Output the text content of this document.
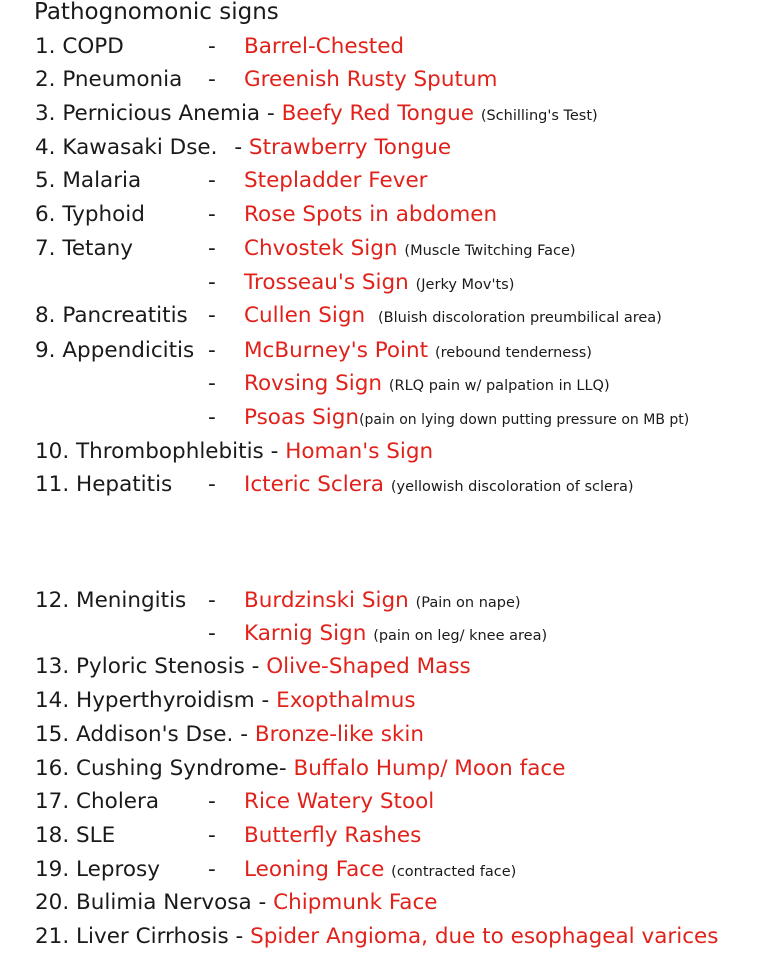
Pathognomonic signs
1. COPD	- Barrel-Chested
2. Pneumonia - Greenish Rusty Sputum
3. Pernicious Anemia - Beefy Red Tongue (Schilling's Test)
4. Kawasaki Dse. - Strawberry Tongue
5. Malaria	- Stepladder Fever
6. Typhoid	- Rose Spots in abdomen
7. Tetany	- Chvostek Sign (Muscle Twitching Face)
- Trosseau's Sign (Jerky Mov'ts)
8. Pancreatitis - Cullen Sign (Bluish discoloration preumbilical area)
9. Appendicitis - McBurney's Point (rebound tenderness)
- Rovsing Sign (RLQ pain w/ palpation in LLQ)
- Psoas Sign(pain on lying down putting pressure on MB pt)
10. Thrombophlebitis - Homan's Sign
11. Hepatitis - Icteric Sclera (yellowish discoloration of sclera)
12. Meningitis - Burdzinski Sign (Pain on nape)
- Karnig Sign (pain on leg/ knee area)
13. Pyloric Stenosis - Olive-Shaped Mass
14. Hyperthyroidism - Exopthalmus
15. Addison's Dse. - Bronze-like skin
16. Cushing Syndrome- Buffalo Hump/ Moon face
17. Cholera - Rice Watery Stool
18. SLE	- Butterfly Rashes
19. Leprosy - Leoning Face (contracted face)
20. Bulimia Nervosa - Chipmunk Face
21. Liver Cirrhosis - Spider Angioma, due to esophageal varices
